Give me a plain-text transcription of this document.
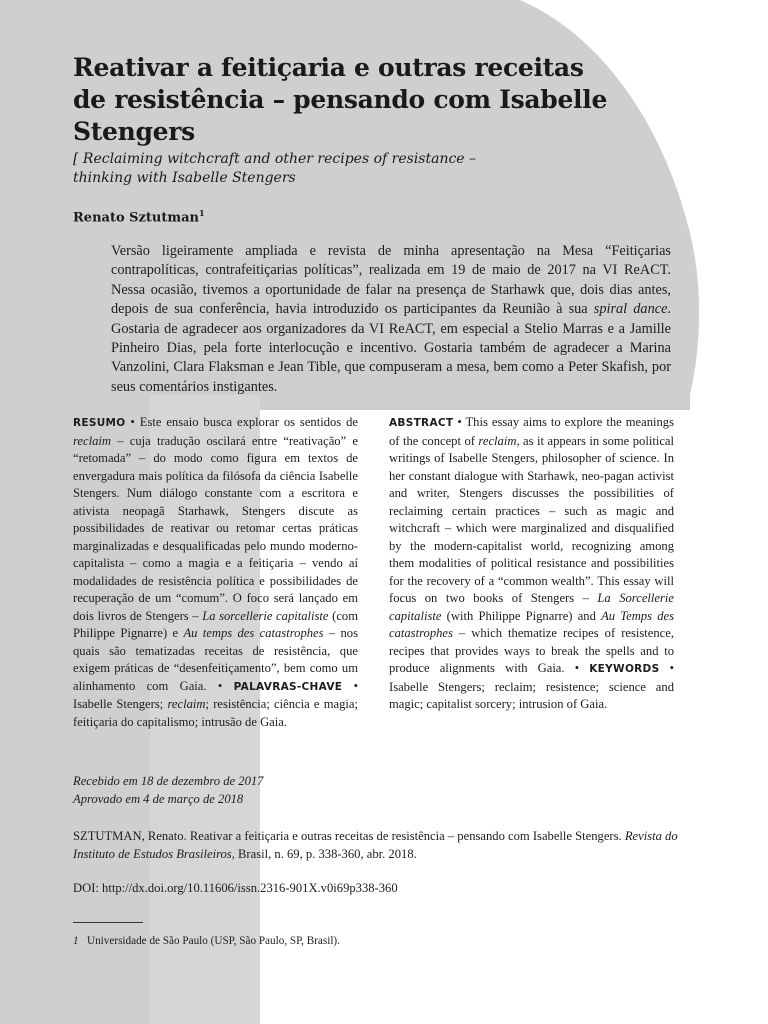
Reativar a feitiçaria e outras receitas de resistência – pensando com Isabelle Stengers

[ Reclaiming witchcraft and other recipes of resistance – thinking with Isabelle Stengers

Renato Sztutman$^1$

Versão ligeiramente ampliada e revista de minha apresentação na Mesa “Feitiçarias contrapolíticas, contrafeitiçarias políticas”, realizada em 19 de maio de 2017 na VI ReACT. Nessa ocasião, tivemos a oportunidade de falar na presença de Starhawk que, dois dias antes, depois de sua conferência, havia introduzido os participantes da Reunião à sua spiral dance. Gostaria de agradecer aos organizadores da VI ReACT, em especial a Stelio Marras e a Jamille Pinheiro Dias, pela forte interlocução e incentivo. Gostaria também de agradecer a Marina Vanzolini, Clara Flaksman e Jean Tible, que compuseram a mesa, bem como a Peter Skafish, por seus comentários instigantes.

RESUMO • Este ensaio busca explorar os sentidos de reclaim – cuja tradução oscilará entre “reativação” e “retomada” – do modo como figura em textos de envergadura mais política da filósofa da ciência Isabelle Stengers. Num diálogo constante com a escritora e ativista neopagã Starhawk, Stengers discute as possibilidades de reativar ou retomar certas práticas marginalizadas e desqualificadas pelo mundo moderno-capitalista – como a magia e a feitiçaria – vendo aí modalidades de resistência política e possibilidades de recuperação de um “comum”. O foco será lançado em dois livros de Stengers – La sorcellerie capitaliste (com Philippe Pignarre) e Au temps des catastrophes – nos quais são tematizadas receitas de resistência, que exigem práticas de “desenfeitiçamento”, bem como um alinhamento com Gaia. • PALAVRAS-CHAVE • Isabelle Stengers; reclaim; resistência; ciência e magia; feitiçaria do capitalismo; intrusão de Gaia.

ABSTRACT • This essay aims to explore the meanings of the concept of reclaim, as it appears in some political writings of Isabelle Stengers, philosopher of science. In her constant dialogue with Starhawk, neo-pagan activist and writer, Stengers discusses the possibilities of reclaiming certain practices – such as magic and witchcraft – which were marginalized and disqualified by the modern-capitalist world, recognizing among them modalities of political resistance and possibilities for the recovery of a “common wealth”. This essay will focus on two books of Stengers – La Sorcellerie capitaliste (with Philippe Pignarre) and Au Temps des catastrophes – which thematize recipes of resistence, recipes that provides ways to break the spells and to produce alignments with Gaia. • KEYWORDS • Isabelle Stengers; reclaim; resistence; science and magic; capitalist sorcery; intrusion of Gaia.

Recebido em 18 de dezembro de 2017
Aprovado em 4 de março de 2018

SZTUTMAN, Renato. Reativar a feitiçaria e outras receitas de resistência – pensando com Isabelle Stengers. Revista do Instituto de Estudos Brasileiros, Brasil, n. 69, p. 338-360, abr. 2018.

DOI: http://dx.doi.org/10.11606/issn.2316-901X.v0i69p338-360

1 Universidade de São Paulo (USP, São Paulo, SP, Brasil).
